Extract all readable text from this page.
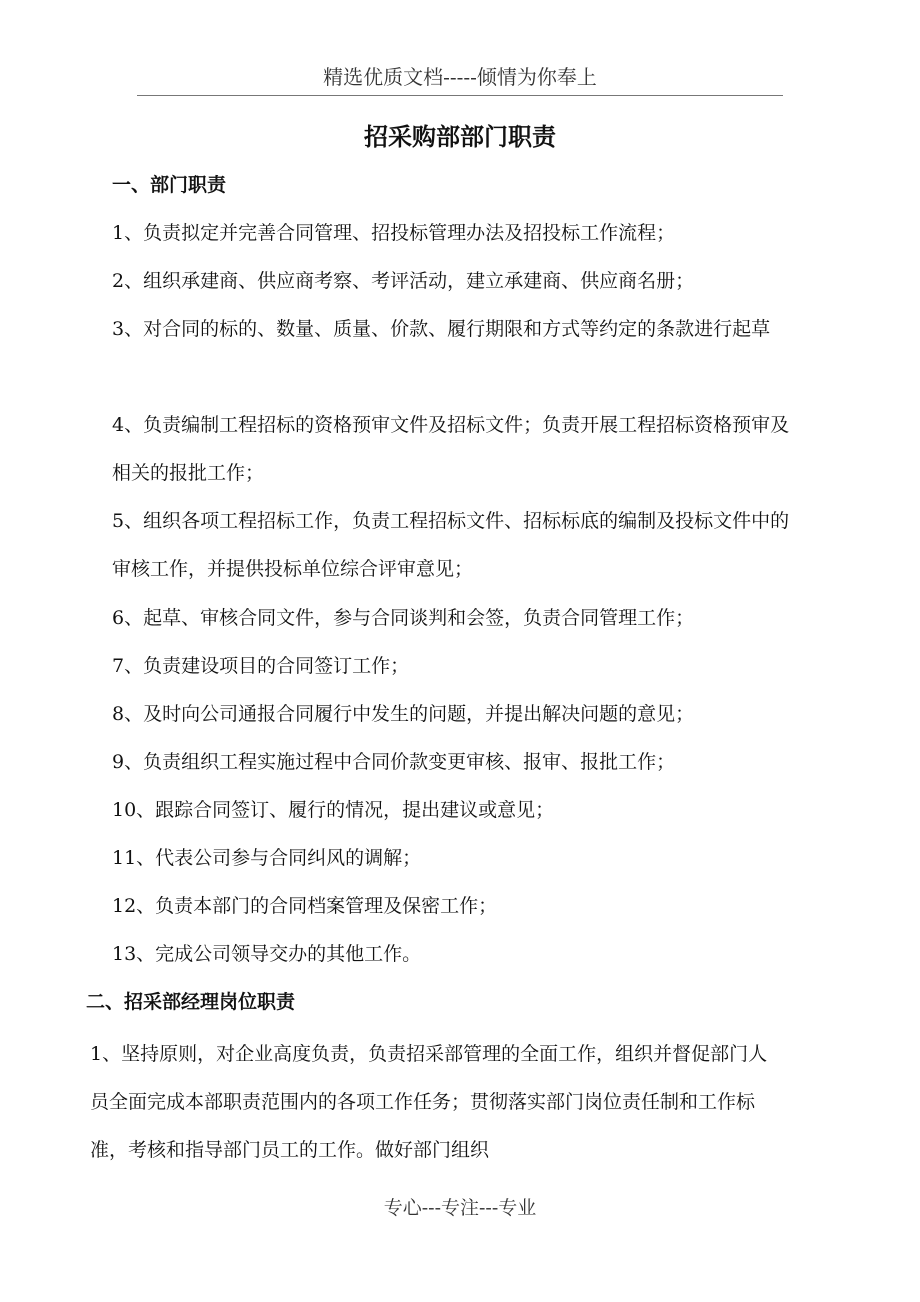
精选优质文档-----倾情为你奉上
招采购部部门职责
一、部门职责
1、负责拟定并完善合同管理、招投标管理办法及招投标工作流程；
2、组织承建商、供应商考察、考评活动，建立承建商、供应商名册；
3、对合同的标的、数量、质量、价款、履行期限和方式等约定的条款进行起草
4、负责编制工程招标的资格预审文件及招标文件；负责开展工程招标资格预审及相关的报批工作；
5、组织各项工程招标工作，负责工程招标文件、招标标底的编制及投标文件中的审核工作，并提供投标单位综合评审意见；
6、起草、审核合同文件，参与合同谈判和会签，负责合同管理工作；
7、负责建设项目的合同签订工作；
8、及时向公司通报合同履行中发生的问题，并提出解决问题的意见；
9、负责组织工程实施过程中合同价款变更审核、报审、报批工作；
10、跟踪合同签订、履行的情况，提出建议或意见；
11、代表公司参与合同纠风的调解；
12、负责本部门的合同档案管理及保密工作；
13、完成公司领导交办的其他工作。
二、招采部经理岗位职责
1、坚持原则，对企业高度负责，负责招采部管理的全面工作，组织并督促部门人员全面完成本部职责范围内的各项工作任务；贯彻落实部门岗位责任制和工作标准，考核和指导部门员工的工作。做好部门组织
专心---专注---专业
